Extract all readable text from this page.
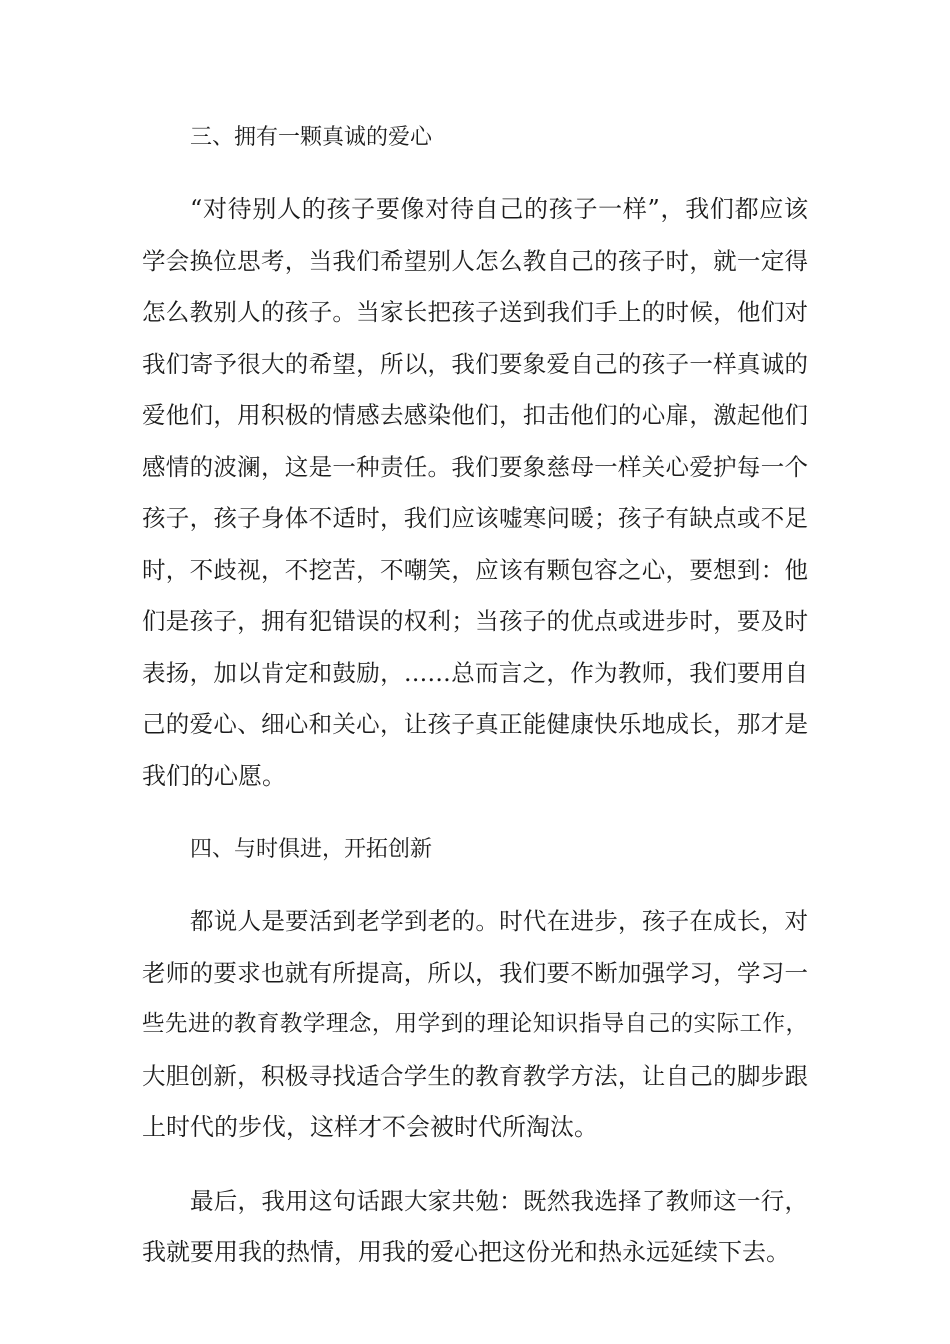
三、拥有一颗真诚的爱心
“对待别人的孩子要像对待自己的孩子一样”，我们都应该
学会换位思考，当我们希望别人怎么教自己的孩子时，就一定得
怎么教别人的孩子。当家长把孩子送到我们手上的时候，他们对
我们寄予很大的希望，所以，我们要象爱自己的孩子一样真诚的
爱他们，用积极的情感去感染他们，扣击他们的心扉，激起他们
感情的波澜，这是一种责任。我们要象慈母一样关心爱护每一个
孩子，孩子身体不适时，我们应该嘘寒问暖；孩子有缺点或不足
时，不歧视，不挖苦，不嘲笑，应该有颗包容之心，要想到：他
们是孩子，拥有犯错误的权利；当孩子的优点或进步时，要及时
表扬，加以肯定和鼓励，……总而言之，作为教师，我们要用自
己的爱心、细心和关心，让孩子真正能健康快乐地成长，那才是
我们的心愿。
四、与时俱进，开拓创新
都说人是要活到老学到老的。时代在进步，孩子在成长，对
老师的要求也就有所提高，所以，我们要不断加强学习，学习一
些先进的教育教学理念，用学到的理论知识指导自己的实际工作，
大胆创新，积极寻找适合学生的教育教学方法，让自己的脚步跟
上时代的步伐，这样才不会被时代所淘汰。
最后，我用这句话跟大家共勉：既然我选择了教师这一行，
我就要用我的热情，用我的爱心把这份光和热永远延续下去。
